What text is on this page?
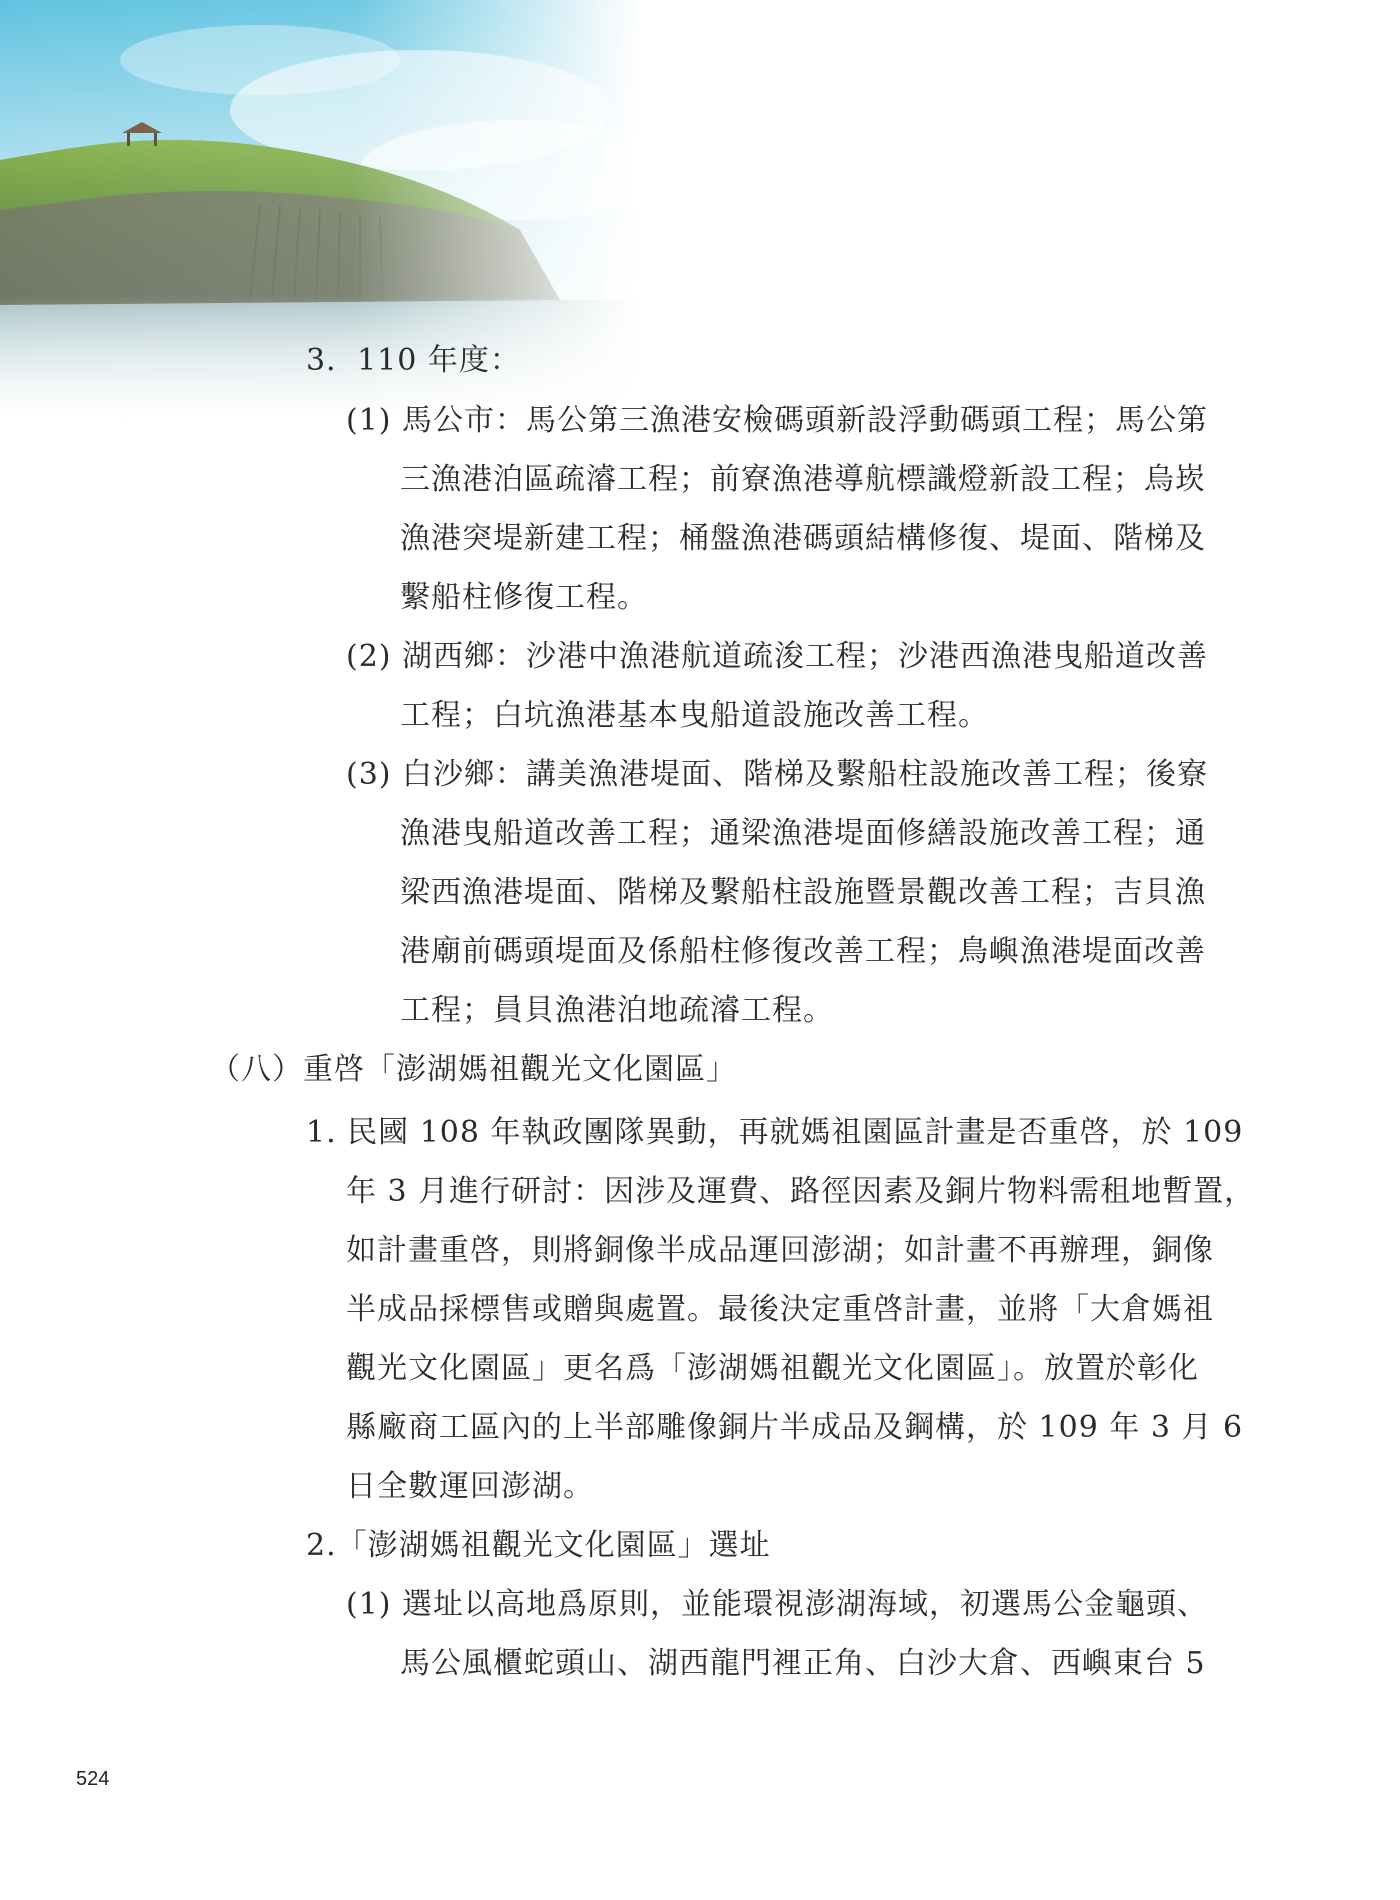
3．110 年度：
(1) 馬公市：馬公第三漁港安檢碼頭新設浮動碼頭工程；馬公第
三漁港泊區疏濬工程；前寮漁港導航標識燈新設工程；烏崁
漁港突堤新建工程；桶盤漁港碼頭結構修復、堤面、階梯及
繫船柱修復工程。
(2) 湖西鄉：沙港中漁港航道疏浚工程；沙港西漁港曳船道改善
工程；白坑漁港基本曳船道設施改善工程。
(3) 白沙鄉：講美漁港堤面、階梯及繫船柱設施改善工程；後寮
漁港曳船道改善工程；通梁漁港堤面修繕設施改善工程；通
梁西漁港堤面、階梯及繫船柱設施暨景觀改善工程；吉貝漁
港廟前碼頭堤面及係船柱修復改善工程；鳥嶼漁港堤面改善
工程；員貝漁港泊地疏濬工程。
（八）重啓「澎湖媽祖觀光文化園區」
1. 民國 108 年執政團隊異動，再就媽祖園區計畫是否重啓，於 109
年 3 月進行研討：因涉及運費、路徑因素及銅片物料需租地暫置，
如計畫重啓，則將銅像半成品運回澎湖；如計畫不再辦理，銅像
半成品採標售或贈與處置。最後決定重啓計畫，並將「大倉媽祖
觀光文化園區」更名爲「澎湖媽祖觀光文化園區」。放置於彰化
縣廠商工區內的上半部雕像銅片半成品及鋼構，於 109 年 3 月 6
日全數運回澎湖。
2.「澎湖媽祖觀光文化園區」選址
(1) 選址以高地爲原則，並能環視澎湖海域，初選馬公金龜頭、
馬公風櫃蛇頭山、湖西龍門裡正角、白沙大倉、西嶼東台 5
524
